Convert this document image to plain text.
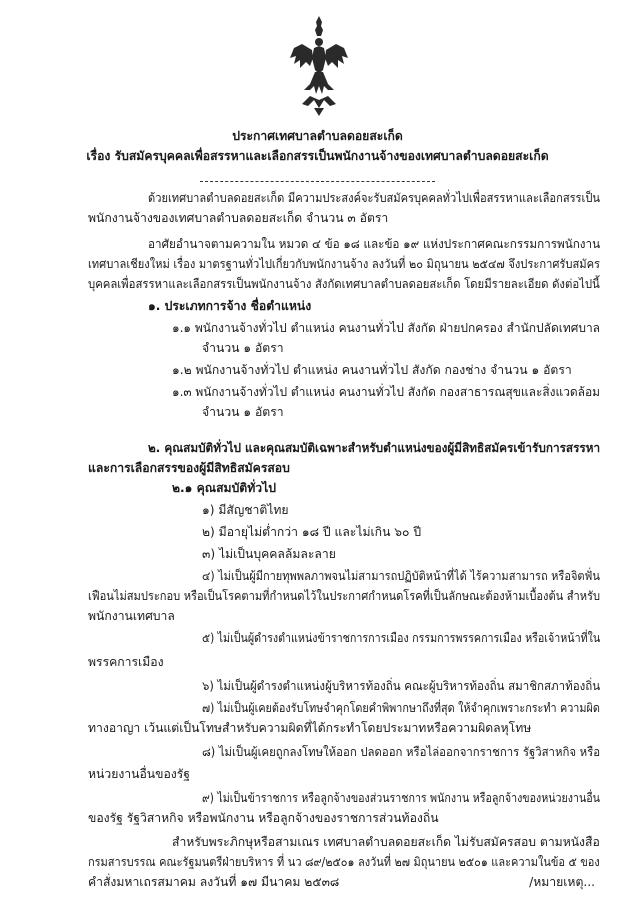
ประกาศเทศบาลตำบลดอยสะเก็ด
เรื่อง รับสมัครบุคคลเพื่อสรรหาและเลือกสรรเป็นพนักงานจ้างของเทศบาลตำบลดอยสะเก็ด
ด้วยเทศบาลตำบลดอยสะเก็ด มีความประสงค์จะรับสมัครบุคคลทั่วไปเพื่อสรรหาและเลือกสรรเป็น
พนักงานจ้างของเทศบาลตำบลดอยสะเก็ด จำนวน ๓ อัตรา
อาศัยอำนาจตามความใน หมวด ๔ ข้อ ๑๘ และข้อ ๑๙ แห่งประกาศคณะกรรมการพนักงาน
เทศบาลเชียงใหม่ เรื่อง มาตรฐานทั่วไปเกี่ยวกับพนักงานจ้าง ลงวันที่ ๒๐ มิถุนายน ๒๕๔๗ จึงประกาศรับสมัคร
บุคคลเพื่อสรรหาและเลือกสรรเป็นพนักงานจ้าง สังกัดเทศบาลตำบลดอยสะเก็ด โดยมีรายละเอียด ดังต่อไปนี้
๑. ประเภทการจ้าง ชื่อตำแหน่ง
๑.๑ พนักงานจ้างทั่วไป ตำแหน่ง คนงานทั่วไป สังกัด ฝ่ายปกครอง สำนักปลัดเทศบาล
จำนวน ๑ อัตรา
๑.๒ พนักงานจ้างทั่วไป ตำแหน่ง คนงานทั่วไป สังกัด กองช่าง จำนวน ๑ อัตรา
๑.๓ พนักงานจ้างทั่วไป ตำแหน่ง คนงานทั่วไป สังกัด กองสาธารณสุขและสิ่งแวดล้อม
จำนวน ๑ อัตรา
๒. คุณสมบัติทั่วไป และคุณสมบัติเฉพาะสำหรับตำแหน่งของผู้มีสิทธิสมัครเข้ารับการสรรหา
และการเลือกสรรของผู้มีสิทธิสมัครสอบ
๒.๑ คุณสมบัติทั่วไป
๑) มีสัญชาติไทย
๒) มีอายุไม่ต่ำกว่า ๑๘ ปี และไม่เกิน ๖๐ ปี
๓) ไม่เป็นบุคคลล้มละลาย
๔) ไม่เป็นผู้มีกายทุพพลภาพจนไม่สามารถปฏิบัติหน้าที่ได้ ไร้ความสามารถ หรือจิตฟั่น
เฟือนไม่สมประกอบ หรือเป็นโรคตามที่กำหนดไว้ในประกาศกำหนดโรคที่เป็นลักษณะต้องห้ามเบื้องต้น สำหรับ
พนักงานเทศบาล
๕) ไม่เป็นผู้ดำรงตำแหน่งข้าราชการการเมือง กรรมการพรรคการเมือง หรือเจ้าหน้าที่ใน
พรรคการเมือง
๖) ไม่เป็นผู้ดำรงตำแหน่งผู้บริหารท้องถิ่น คณะผู้บริหารท้องถิ่น สมาชิกสภาท้องถิ่น
๗) ไม่เป็นผู้เคยต้องรับโทษจำคุกโดยคำพิพากษาถึงที่สุด ให้จำคุกเพราะกระทำ ความผิด
ทางอาญา เว้นแต่เป็นโทษสำหรับความผิดที่ได้กระทำโดยประมาทหรือความผิดลหุโทษ
๘) ไม่เป็นผู้เคยถูกลงโทษให้ออก ปลดออก หรือไล่ออกจากราชการ รัฐวิสาหกิจ หรือ
หน่วยงานอื่นของรัฐ
๙) ไม่เป็นข้าราชการ หรือลูกจ้างของส่วนราชการ พนักงาน หรือลูกจ้างของหน่วยงานอื่น
ของรัฐ รัฐวิสาหกิจ หรือพนักงาน หรือลูกจ้างของราชการส่วนท้องถิ่น
สำหรับพระภิกษุหรือสามเณร เทศบาลตำบลดอยสะเก็ด ไม่รับสมัครสอบ ตามหนังสือ
กรมสารบรรณ คณะรัฐมนตรีฝ่ายบริหาร ที่ นว ๘๙/๒๕๐๑ ลงวันที่ ๒๗ มิถุนายน ๒๕๐๑ และความในข้อ ๕ ของ
คำสั่งมหาเถรสมาคม ลงวันที่ ๑๗ มีนาคม ๒๕๓๘	/หมายเหตุ...
